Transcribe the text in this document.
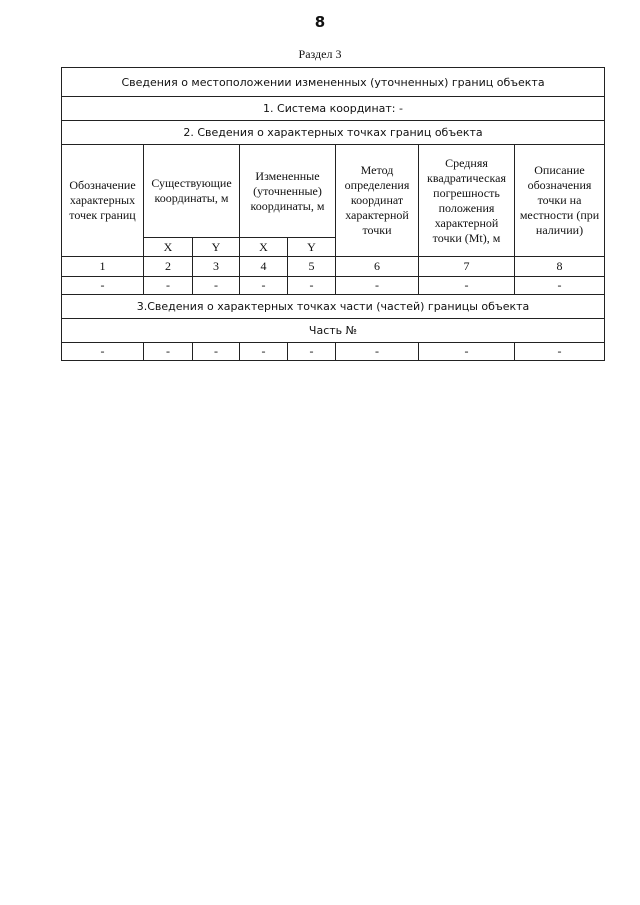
8
Раздел 3
Сведения о местоположении измененных (уточненных) границ объекта							
1. Система координат: -							
2. Сведения о характерных точках границ объекта							
Обозначение характерных точек границ	Существующие координаты, м		Измененные (уточненные) координаты, м		Метод определения координат характерной точки	Средняя квадратическая погрешность положения характерной точки (Mt), м	Описание обозначения точки на местности (при наличии)
	X	Y	X	Y			
1	2	3	4	5	6	7	8
-	-	-	-	-	-	-	-
3.Сведения о характерных точках части (частей) границы объекта							
Часть №							
-	-	-	-	-	-	-	-
